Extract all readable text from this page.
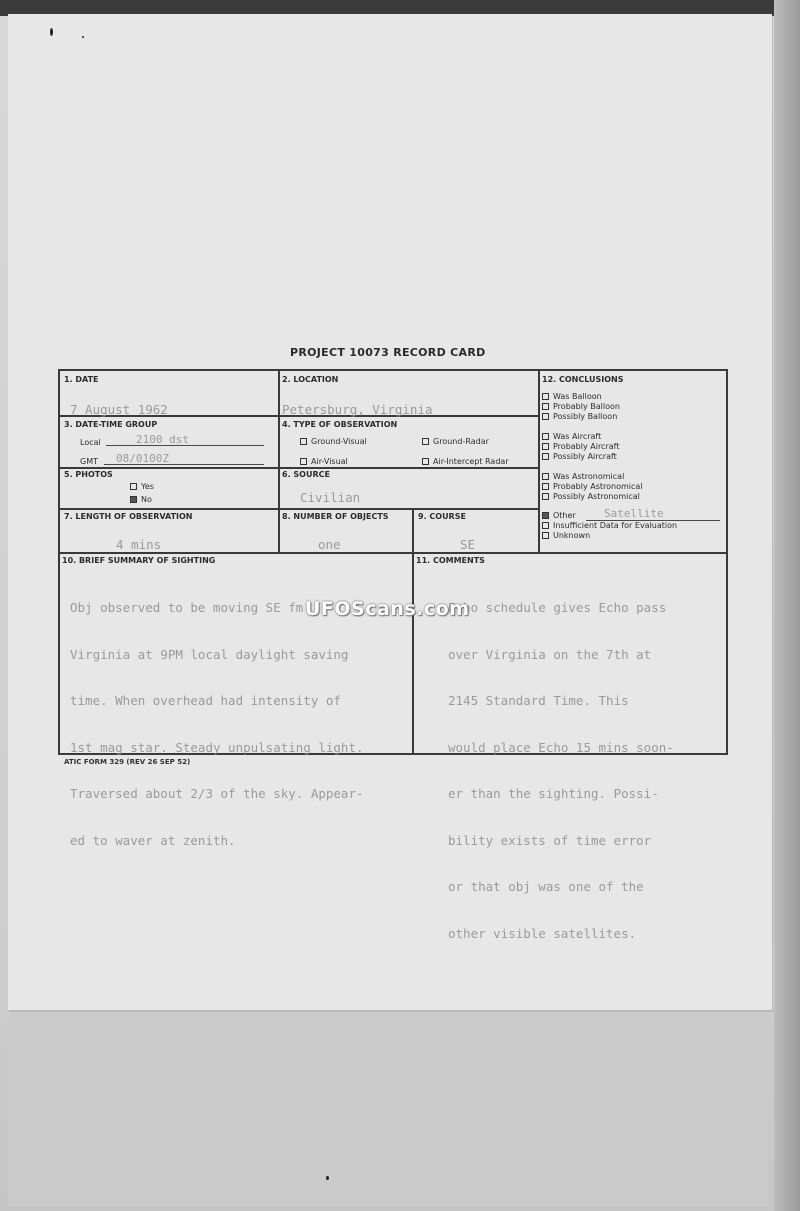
PROJECT 10073 RECORD CARD
1. DATE
7 August 1962
2. LOCATION
Petersburg, Virginia
3. DATE-TIME GROUP
Local	2100 dst
GMT 08/0100Z
4. TYPE OF OBSERVATION
Ground-Visual	Ground-Radar
Air-Visual	Air-Intercept Radar
5. PHOTOS
Yes
No
6. SOURCE
Civilian
7. LENGTH OF OBSERVATION
4 mins
8. NUMBER OF OBJECTS
one
9. COURSE
SE
12. CONCLUSIONS
Was Balloon
Probably Balloon
Possibly Balloon
Was Aircraft
Probably Aircraft
Possibly Aircraft
Was Astronomical
Probably Astronomical
Possibly Astronomical
Other	Satellite
Insufficient Data for Evaluation
Unknown
10. BRIEF SUMMARY OF SIGHTING

Obj observed to be moving SE fm

Virginia at 9PM local daylight saving

time. When overhead had intensity of

1st mag star. Steady unpulsating light.

Traversed about 2/3 of the sky. Appear-

ed to waver at zenith.

11. COMMENTS

Echo schedule gives Echo pass

over Virginia on the 7th at

2145 Standard Time. This

would place Echo 15 mins soon-

er than the sighting. Possi-

bility exists of time error

or that obj was one of the

other visible satellites.

UFOScans.com
ATIC FORM 329 (REV 26 SEP 52)
